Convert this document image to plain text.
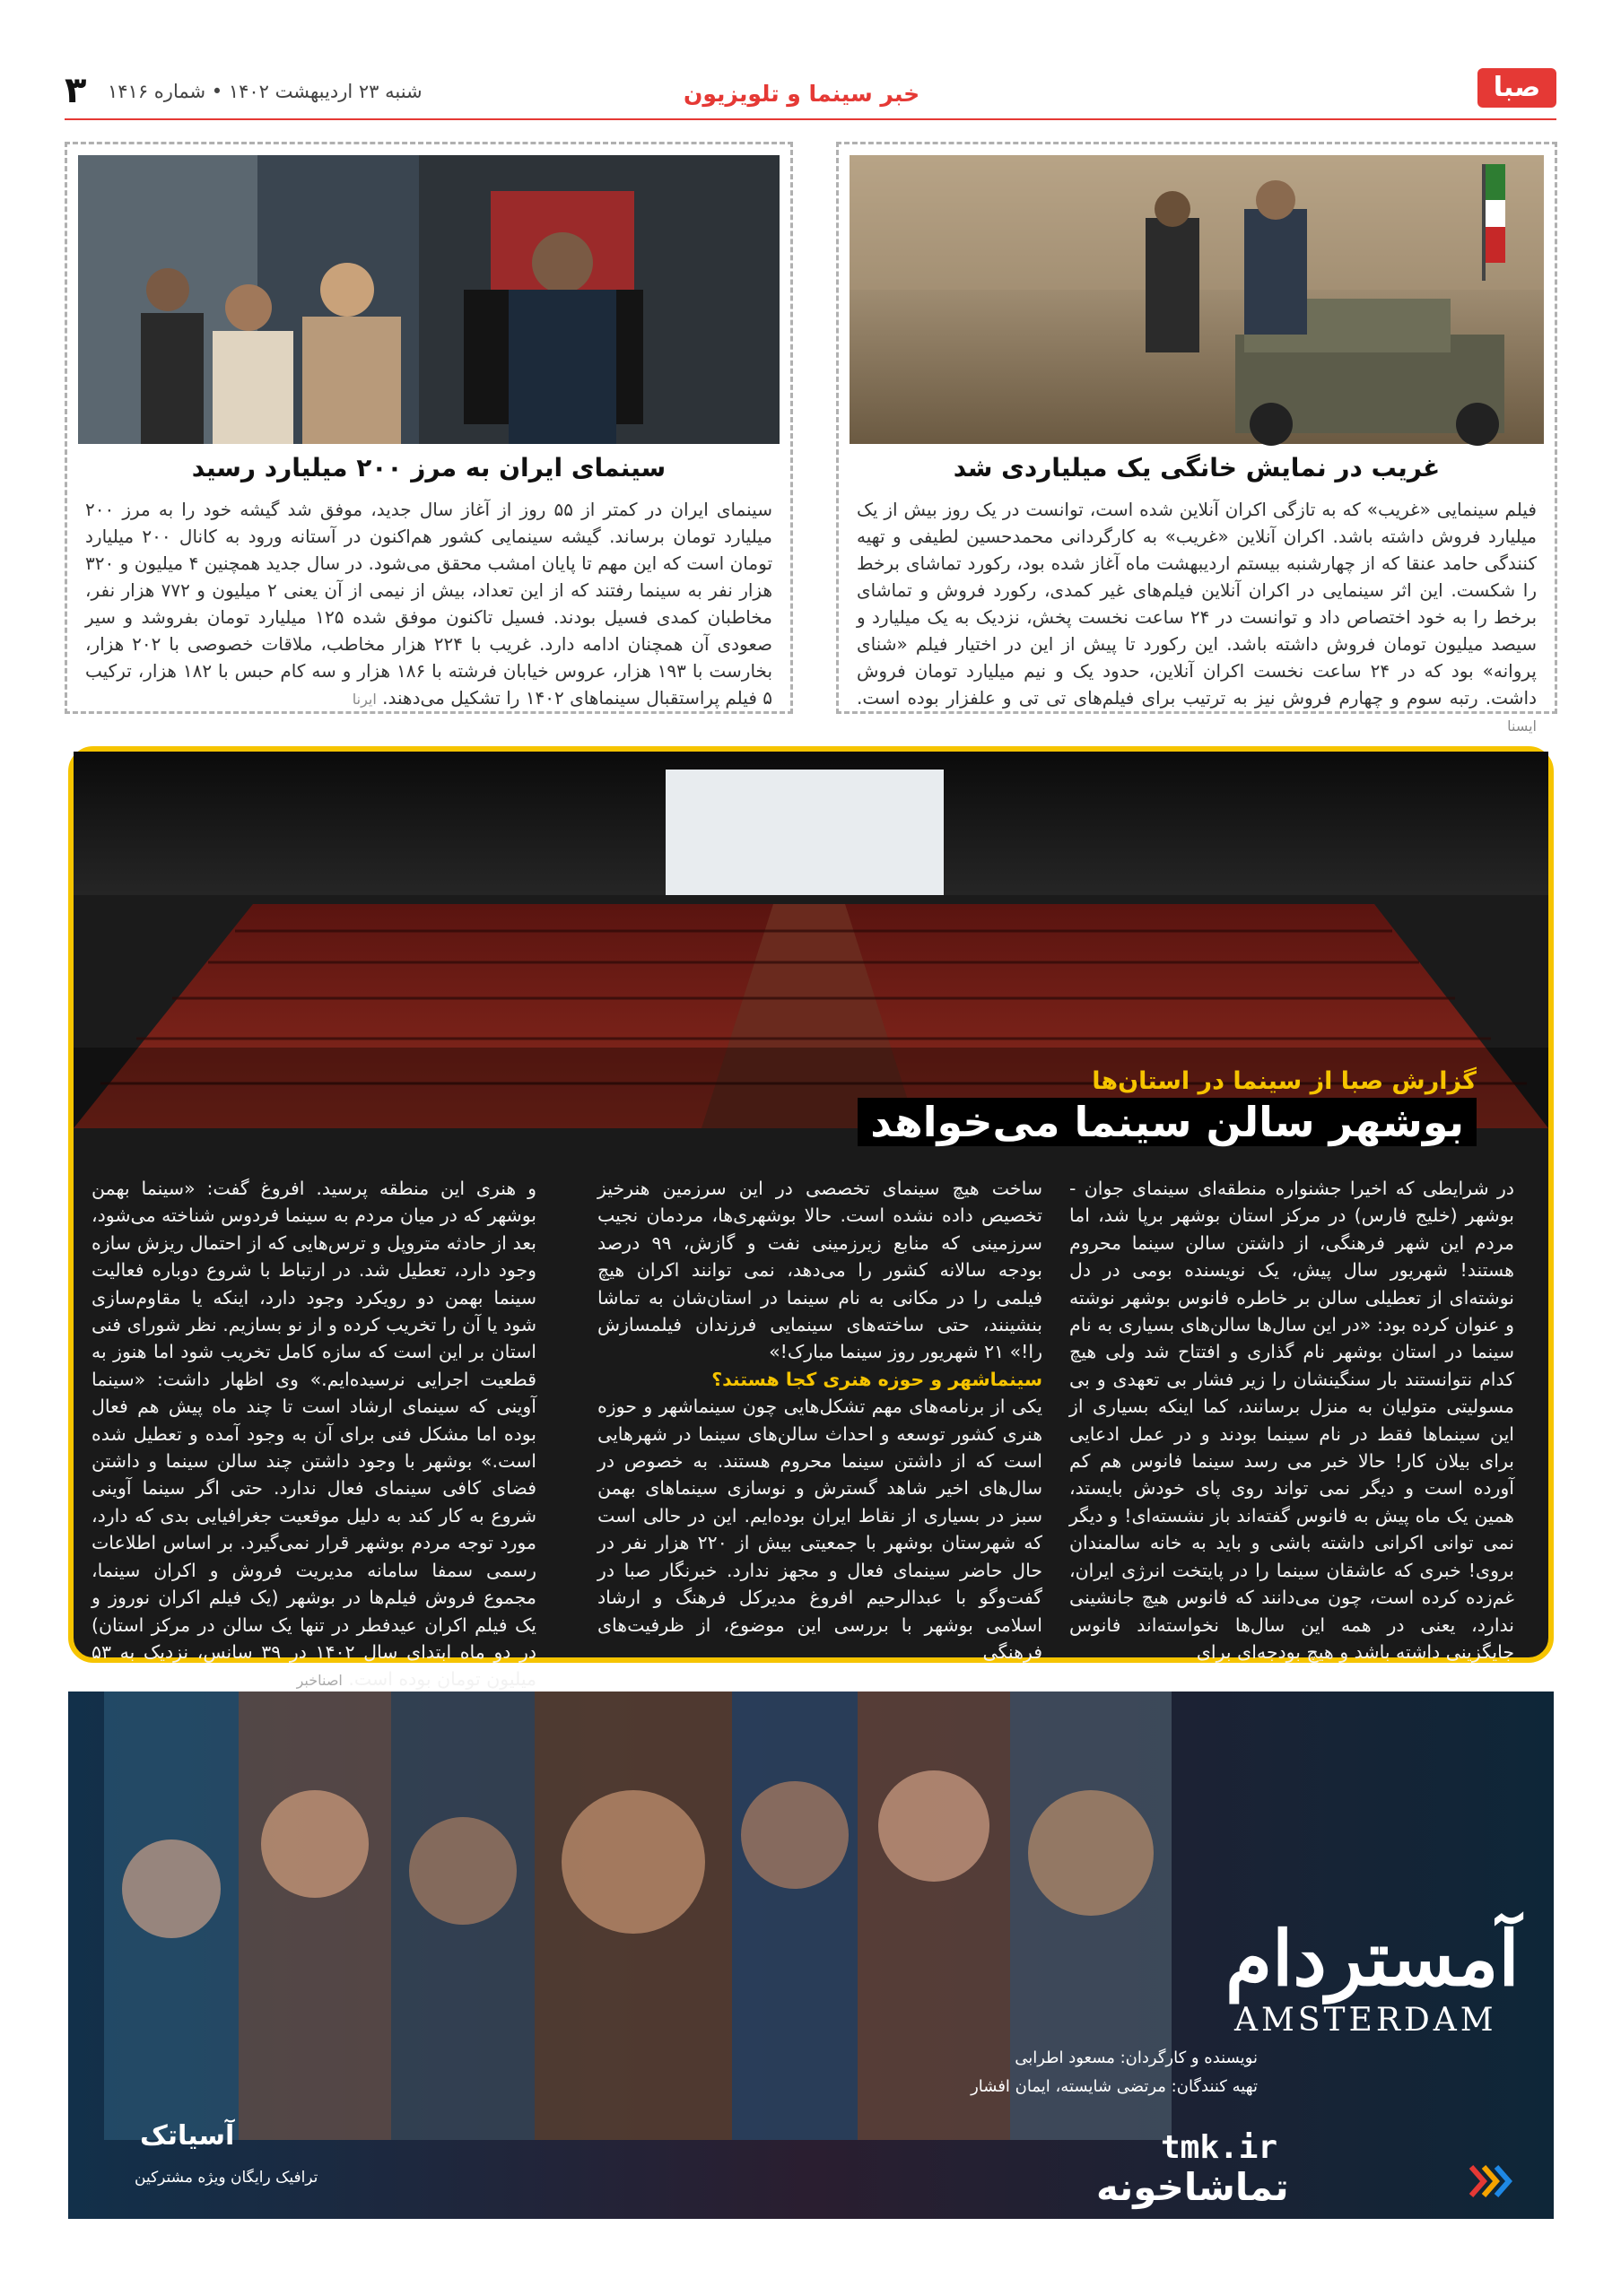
۳ شنبه ۲۳ اردیبهشت ۱۴۰۲ • شماره ۱۴۱۶	خبر سینما و تلویزیون	صبا
غریب در نمایش خانگی یک میلیاردی شد
فیلم سینمایی «غریب» که به تازگی اکران آنلاین شده است، توانست در یک روز بیش از یک میلیارد فروش داشته باشد. اکران آنلاین «غریب» به کارگردانی محمدحسین لطیفی و تهیه کنندگی حامد عنقا که از چهارشنبه بیستم اردیبهشت ماه آغاز شده بود، رکورد تماشای برخط را شکست. این اثر سینمایی در اکران آنلاین فیلم‌های غیر کمدی، رکورد فروش و تماشای برخط را به خود اختصاص داد و توانست در ۲۴ ساعت نخست پخش، نزدیک به یک میلیارد و سیصد میلیون تومان فروش داشته باشد. این رکورد تا پیش از این در اختیار فیلم «شنای پروانه» بود که در ۲۴ ساعت نخست اکران آنلاین، حدود یک و نیم میلیارد تومان فروش داشت. رتبه سوم و چهارم فروش نیز به ترتیب برای فیلم‌های تی تی و علفزار بوده است. ایسنا
سینمای ایران به مرز ۲۰۰ میلیارد رسید
سینمای ایران در کمتر از ۵۵ روز از آغاز سال جدید، موفق شد گیشه خود را به مرز ۲۰۰ میلیارد تومان برساند. گیشه سینمایی کشور هم‌اکنون در آستانه ورود به کانال ۲۰۰ میلیارد تومان است که این مهم تا پایان امشب محقق می‌شود. در سال جدید همچنین ۴ میلیون و ۳۲۰ هزار نفر به سینما رفتند که از این تعداد، بیش از نیمی از آن یعنی ۲ میلیون و ۷۷۲ هزار نفر، مخاطبان کمدی فسیل بودند. فسیل تاکنون موفق شده ۱۲۵ میلیارد تومان بفروشد و سیر صعودی آن همچنان ادامه دارد. غریب با ۲۲۴ هزار مخاطب، ملاقات خصوصی با ۲۰۲ هزار، بخارست با ۱۹۳ هزار، عروس خیابان فرشته با ۱۸۶ هزار و سه کام حبس با ۱۸۲ هزار، ترکیب ۵ فیلم پراستقبال سینماهای ۱۴۰۲ را تشکیل می‌دهند. ایرنا
گزارش صبا از سینما در استان‌ها
بوشهر سالن سینما می‌خواهد

در شرایطی که اخیرا جشنواره منطقه‌ای سینمای جوان - بوشهر (خلیج فارس) در مرکز استان بوشهر برپا شد، اما مردم این شهر فرهنگی، از داشتن سالن سینما محروم هستند! شهریور سال پیش، یک نویسنده بومی در دل نوشته‌ای از تعطیلی سالن بر خاطره فانوس بوشهر نوشته و عنوان کرده بود: «در این سال‌ها سالن‌های بسیاری به نام سینما در استان بوشهر نام گذاری و افتتاح شد ولی هیچ کدام نتوانستند بار سنگینشان را زیر فشار بی تعهدی و بی مسولیتی متولیان به منزل برسانند، کما اینکه بسیاری از این سینماها فقط در نام سینما بودند و در عمل ادعایی برای بیلان کار! حالا خبر می رسد سینما فانوس هم کم آورده است و دیگر نمی تواند روی پای خودش بایستد، همین یک ماه پیش به فانوس گفته‌اند باز نشسته‌ای! و دیگر نمی توانی اکرانی داشته باشی و باید به خانه سالمندان بروی! خبری که عاشقان سینما را در پایتخت انرژی ایران، غم‌زده کرده است، چون می‌دانند که فانوس هیچ جانشینی ندارد، یعنی در همه این سال‌ها نخواسته‌اند فانوس جایگزینی داشته باشد و هیچ بودجه‌ای برای

ساخت هیچ سینمای تخصصی در این سرزمین هنرخیز تخصیص داده نشده است. حالا بوشهری‌ها، مردمان نجیب سرزمینی که منابع زیرزمینی نفت و گازش، ۹۹ درصد بودجه سالانه کشور را می‌دهد، نمی توانند اکران هیچ فیلمی را در مکانی به نام سینما در استان‌شان به تماشا بنشینند، حتی ساخته‌های سینمایی فرزندان فیلمسازش را!» ۲۱ شهریور روز سینما مبارک!»

سینماشهر و حوزه هنری کجا هستند؟

یکی از برنامه‌های مهم تشکل‌هایی چون سینماشهر و حوزه هنری کشور توسعه و احداث سالن‌های سینما در شهرهایی است که از داشتن سینما محروم هستند. به خصوص در سال‌های اخیر شاهد گسترش و نوسازی سینماهای بهمن سبز در بسیاری از نقاط ایران بوده‌ایم. این در حالی است که شهرستان بوشهر با جمعیتی بیش از ۲۲۰ هزار نفر در حال حاضر سینمای فعال و مجهز ندارد. خبرنگار صبا در گفت‌وگو با عبدالرحیم افروغ مدیرکل فرهنگ و ارشاد اسلامی بوشهر با بررسی این موضوع، از ظرفیت‌های فرهنگی

و هنری این منطقه پرسید. افروغ گفت: «سینما بهمن بوشهر که در میان مردم به سینما فردوس شناخته می‌شود، بعد از حادثه متروپل و ترس‌هایی که از احتمال ریزش سازه وجود دارد، تعطیل شد. در ارتباط با شروع دوباره فعالیت سینما بهمن دو رویکرد وجود دارد، اینکه یا مقاوم‌سازی شود یا آن را تخریب کرده و از نو بسازیم. نظر شورای فنی استان بر این است که سازه کامل تخریب شود اما هنوز به قطعیت اجرایی نرسیده‌ایم.» وی اظهار داشت: «سینما آوینی که سینمای ارشاد است تا چند ماه پیش هم فعال بوده اما مشکل فنی برای آن به وجود آمده و تعطیل شده است.» بوشهر با وجود داشتن چند سالن سینما و داشتن فضای کافی سینمای فعال ندارد. حتی اگر سینما آوینی شروع به کار کند به دلیل موقعیت جغرافیایی بدی که دارد، مورد توجه مردم بوشهر قرار نمی‌گیرد. بر اساس اطلاعات رسمی سمفا سامانه مدیریت فروش و اکران سینما، مجموع فروش فیلم‌ها در بوشهر (یک فیلم اکران نوروز و یک فیلم اکران عیدفطر در تنها یک سالن در مرکز استان) در دو ماه ابتدای سال ۱۴۰۲ در ۳۹ سانس، نزدیک به ۵۳ میلیون تومان بوده است. اصناخبر

آمستردام
AMSTERDAM
نویسنده و کارگردان: مسعود اطرابی
تهیه کنندگان: مرتضی شایسته، ایمان افشار
tmk.ir
تماشاخونه
ترافیک رایگان ویژه مشترکین
آسیاتک
